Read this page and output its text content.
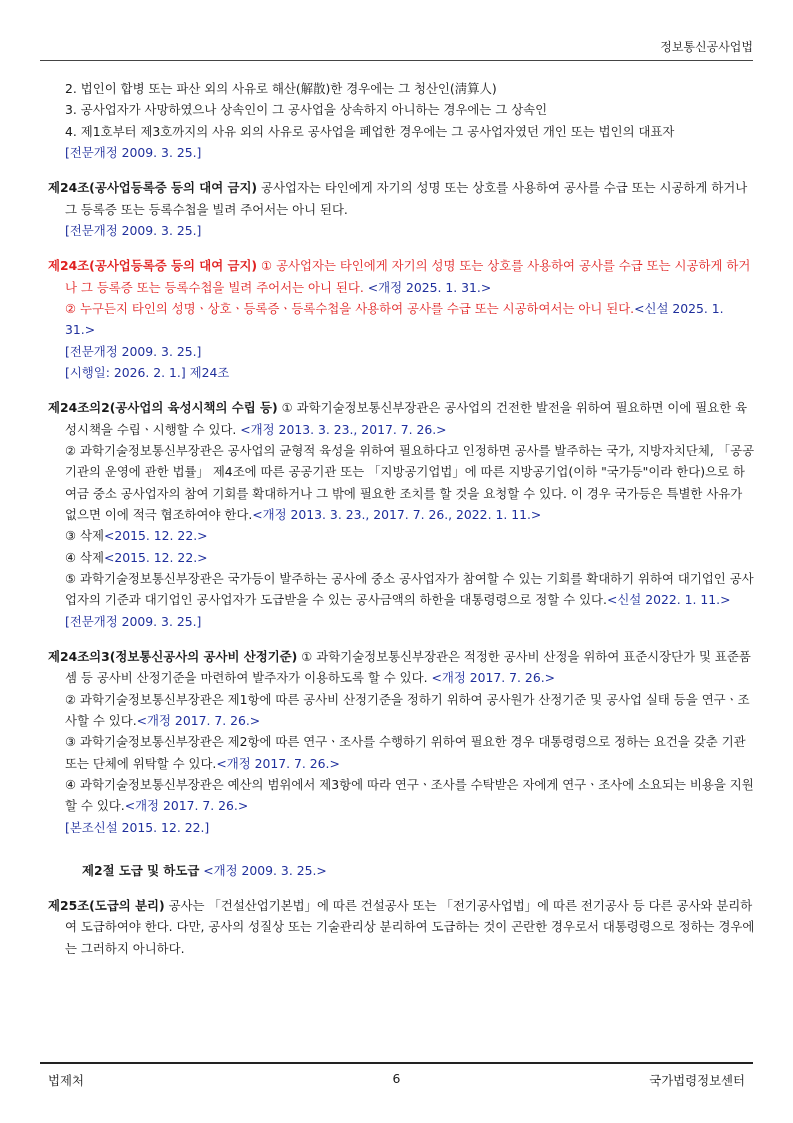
정보통신공사업법

2. 법인이 합병 또는 파산 외의 사유로 해산(解散)한 경우에는 그 청산인(淸算人)

3. 공사업자가 사망하였으나 상속인이 그 공사업을 상속하지 아니하는 경우에는 그 상속인

4. 제1호부터 제3호까지의 사유 외의 사유로 공사업을 폐업한 경우에는 그 공사업자였던 개인 또는 법인의 대표자

[전문개정 2009. 3. 25.]

제24조(공사업등록증 등의 대여 금지) 공사업자는 타인에게 자기의 성명 또는 상호를 사용하여 공사를 수급 또는 시공하게 하거나 그 등록증 또는 등록수첩을 빌려 주어서는 아니 된다.

[전문개정 2009. 3. 25.]

제24조(공사업등록증 등의 대여 금지) ① 공사업자는 타인에게 자기의 성명 또는 상호를 사용하여 공사를 수급 또는 시공하게 하거나 그 등록증 또는 등록수첩을 빌려 주어서는 아니 된다. <개정 2025. 1. 31.>

② 누구든지 타인의 성명ㆍ상호ㆍ등록증ㆍ등록수첩을 사용하여 공사를 수급 또는 시공하여서는 아니 된다.<신설 2025. 1. 31.>

[전문개정 2009. 3. 25.]

[시행일: 2026. 2. 1.] 제24조

제24조의2(공사업의 육성시책의 수립 등) ① 과학기술정보통신부장관은 공사업의 건전한 발전을 위하여 필요하면 이에 필요한 육성시책을 수립ㆍ시행할 수 있다. <개정 2013. 3. 23., 2017. 7. 26.>

② 과학기술정보통신부장관은 공사업의 균형적 육성을 위하여 필요하다고 인정하면 공사를 발주하는 국가, 지방자치단체, 「공공기관의 운영에 관한 법률」 제4조에 따른 공공기관 또는 「지방공기업법」에 따른 지방공기업(이하 "국가등"이라 한다)으로 하여금 중소 공사업자의 참여 기회를 확대하거나 그 밖에 필요한 조치를 할 것을 요청할 수 있다. 이 경우 국가등은 특별한 사유가 없으면 이에 적극 협조하여야 한다.<개정 2013. 3. 23., 2017. 7. 26., 2022. 1. 11.>

③ 삭제<2015. 12. 22.>

④ 삭제<2015. 12. 22.>

⑤ 과학기술정보통신부장관은 국가등이 발주하는 공사에 중소 공사업자가 참여할 수 있는 기회를 확대하기 위하여 대기업인 공사업자의 기준과 대기업인 공사업자가 도급받을 수 있는 공사금액의 하한을 대통령령으로 정할 수 있다.<신설 2022. 1. 11.>

[전문개정 2009. 3. 25.]

제24조의3(정보통신공사의 공사비 산정기준) ① 과학기술정보통신부장관은 적정한 공사비 산정을 위하여 표준시장단가 및 표준품셈 등 공사비 산정기준을 마련하여 발주자가 이용하도록 할 수 있다. <개정 2017. 7. 26.>

② 과학기술정보통신부장관은 제1항에 따른 공사비 산정기준을 정하기 위하여 공사원가 산정기준 및 공사업 실태 등을 연구ㆍ조사할 수 있다.<개정 2017. 7. 26.>

③ 과학기술정보통신부장관은 제2항에 따른 연구ㆍ조사를 수행하기 위하여 필요한 경우 대통령령으로 정하는 요건을 갖춘 기관 또는 단체에 위탁할 수 있다.<개정 2017. 7. 26.>

④ 과학기술정보통신부장관은 예산의 범위에서 제3항에 따라 연구ㆍ조사를 수탁받은 자에게 연구ㆍ조사에 소요되는 비용을 지원할 수 있다.<개정 2017. 7. 26.>

[본조신설 2015. 12. 22.]

제2절 도급 및 하도급 <개정 2009. 3. 25.>

제25조(도급의 분리) 공사는 「건설산업기본법」에 따른 건설공사 또는 「전기공사업법」에 따른 전기공사 등 다른 공사와 분리하여 도급하여야 한다. 다만, 공사의 성질상 또는 기술관리상 분리하여 도급하는 것이 곤란한 경우로서 대통령령으로 정하는 경우에는 그러하지 아니하다.

법제처	6	국가법령정보센터
